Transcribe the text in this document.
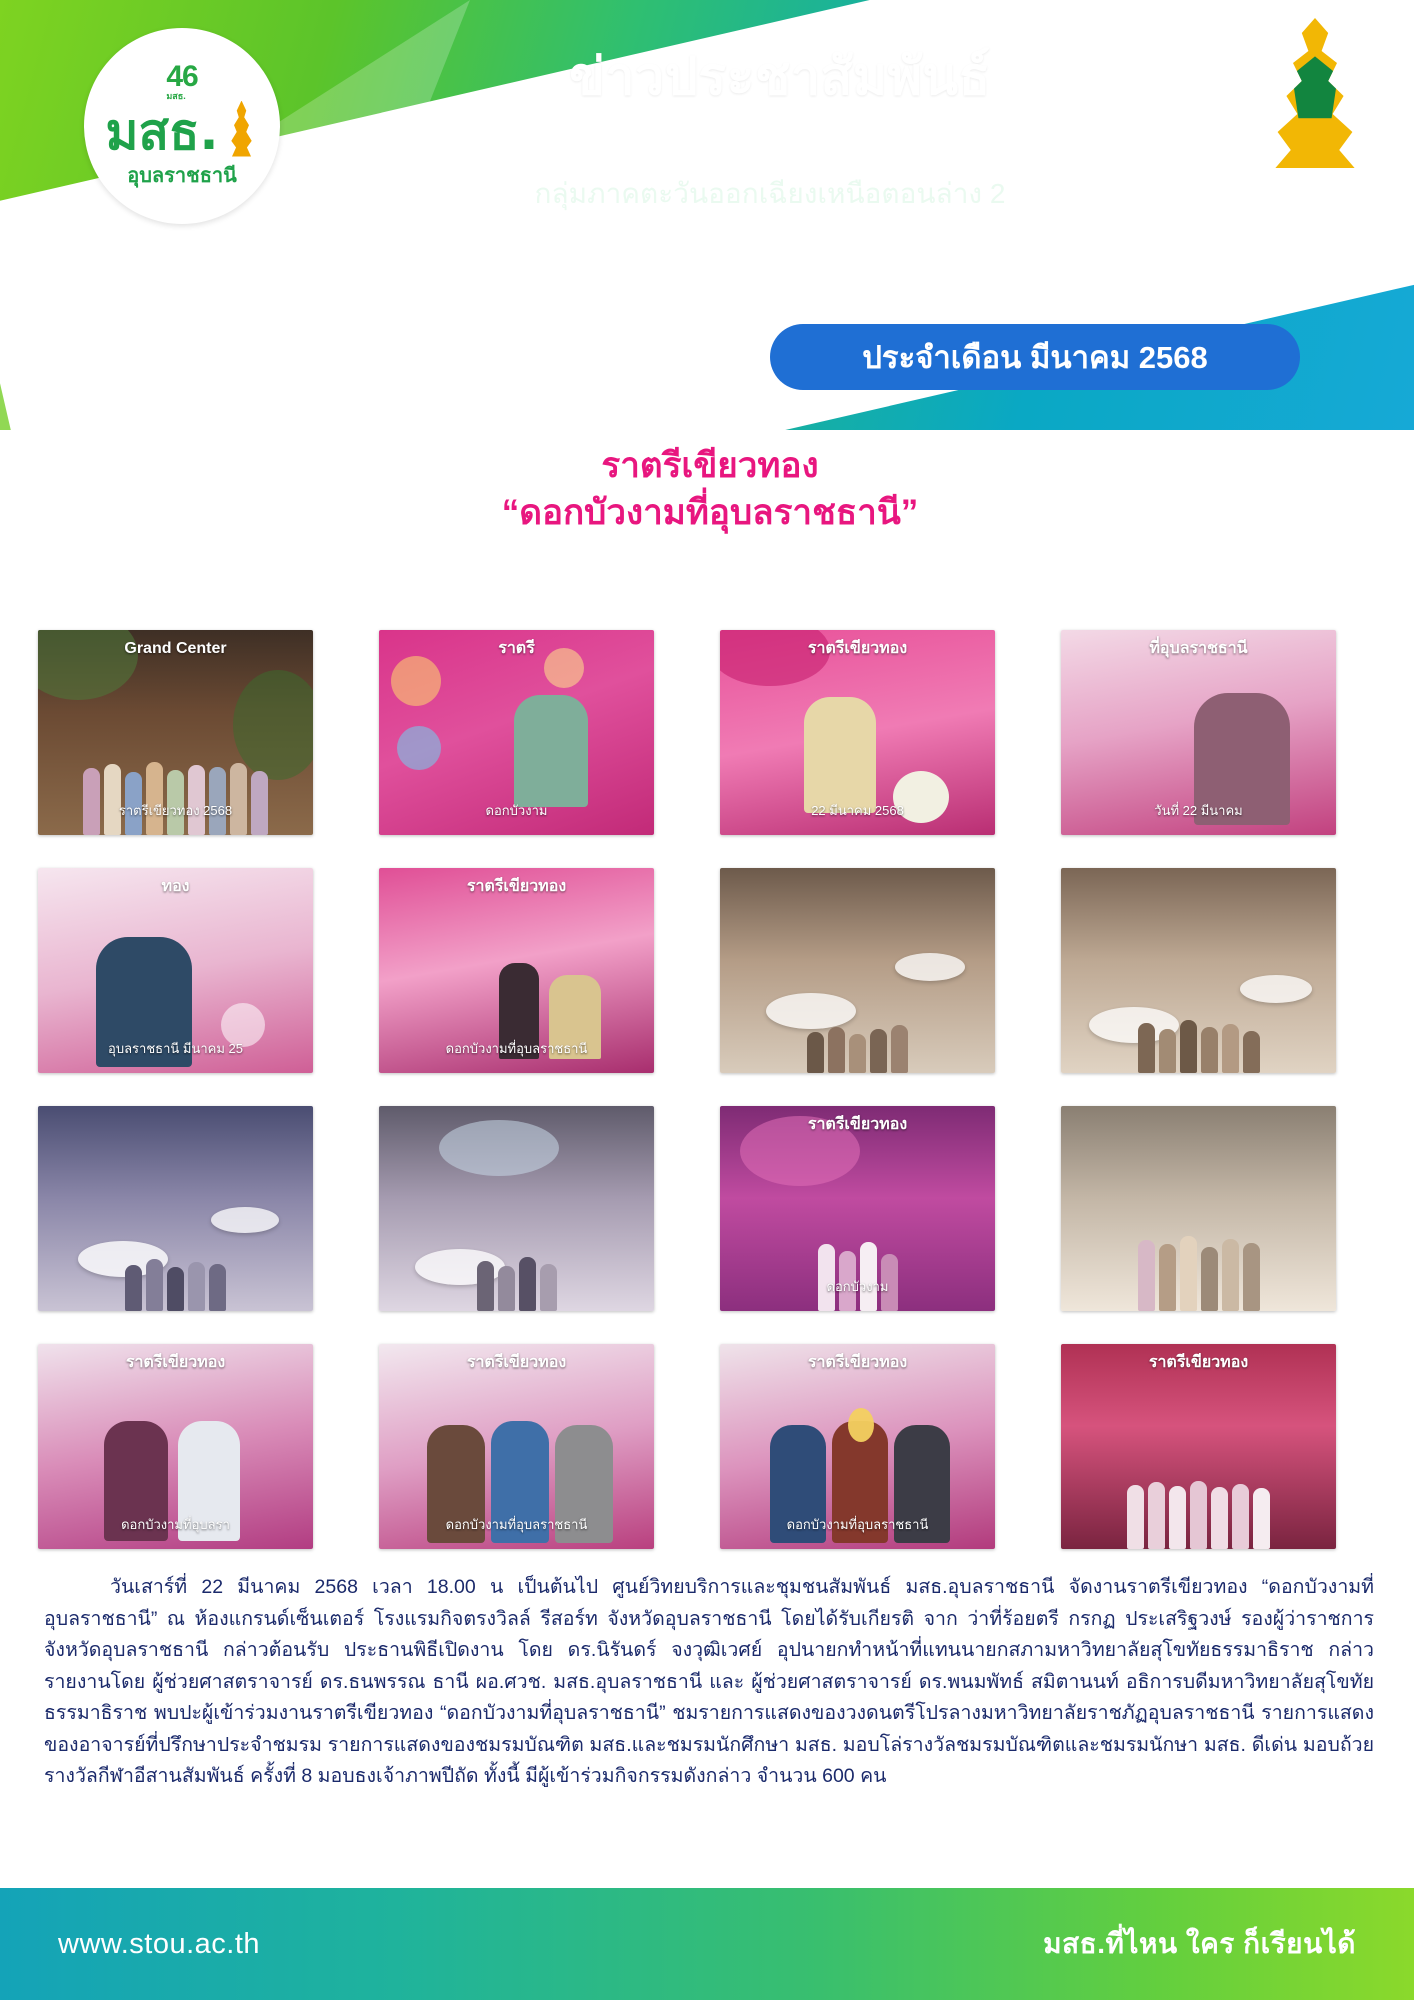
46
มสธ.
มสธ.
อุบลราชธานี
ข่าวประชาสัมพันธ์
ศูนย์วิทยบริการและชุมชนสัมพันธ์ มสธ.อุบลราชธานี
กลุ่มภาคตะวันออกเฉียงเหนือตอนล่าง 2
ประจำเดือน มีนาคม 2568
ราตรีเขียวทอง
“ดอกบัวงามที่อุบลราชธานี”
Grand Center
ราตรีเขียวทอง 2568
ราตรี
ดอกบัวงาม
ราตรีเขียวทอง
22 มีนาคม 2568
ที่อุบลราชธานี
วันที่ 22 มีนาคม
ทอง
อุบลราชธานี มีนาคม 25
ราตรีเขียวทอง
ดอกบัวงามที่อุบลราชธานี
ราตรีเขียวทอง
ดอกบัวงาม
ราตรีเขียวทอง
ดอกบัวงามที่อุบลรา
ราตรีเขียวทอง
ดอกบัวงามที่อุบลราชธานี
ราตรีเขียวทอง
ดอกบัวงามที่อุบลราชธานี
ราตรีเขียวทอง
วันเสาร์ที่ 22 มีนาคม 2568 เวลา 18.00 น เป็นต้นไป ศูนย์วิทยบริการและชุมชนสัมพันธ์ มสธ.อุบลราชธานี จัดงานราตรีเขียวทอง “ดอกบัวงามที่อุบลราชธานี” ณ ห้องแกรนด์เซ็นเตอร์ โรงแรมกิจตรงวิลล์ รีสอร์ท จังหวัดอุบลราชธานี โดยได้รับเกียรติ จาก ว่าที่ร้อยตรี กรกฏ ประเสริฐวงษ์ รองผู้ว่าราชการจังหวัดอุบลราชธานี กล่าวต้อนรับ ประธานพิธีเปิดงาน โดย ดร.นิรันดร์ จงวุฒิเวศย์ อุปนายกทำหน้าที่แทนนายกสภามหาวิทยาลัยสุโขทัยธรรมาธิราช กล่าวรายงานโดย ผู้ช่วยศาสตราจารย์ ดร.ธนพรรณ ธานี ผอ.ศวช. มสธ.อุบลราชธานี และ ผู้ช่วยศาสตราจารย์ ดร.พนมพัทธ์ สมิตานนท์ อธิการบดีมหาวิทยาลัยสุโขทัยธรรมาธิราช พบปะผู้เข้าร่วมงานราตรีเขียวทอง “ดอกบัวงามที่อุบลราชธานี” ชมรายการแสดงของวงดนตรีโปรลางมหาวิทยาลัยราชภัฏอุบลราชธานี รายการแสดงของอาจารย์ที่ปรึกษาประจำชมรม รายการแสดงของชมรมบัณฑิต มสธ.และชมรมนักศึกษา มสธ. มอบโล่รางวัลชมรมบัณฑิตและชมรมนักษา มสธ. ดีเด่น มอบถ้วยรางวัลกีฬาอีสานสัมพันธ์ ครั้งที่ 8 มอบธงเจ้าภาพปีถัด ทั้งนี้ มีผู้เข้าร่วมกิจกรรมดังกล่าว จำนวน 600 คน
www.stou.ac.th	มสธ.ที่ไหน ใคร ก็เรียนได้
